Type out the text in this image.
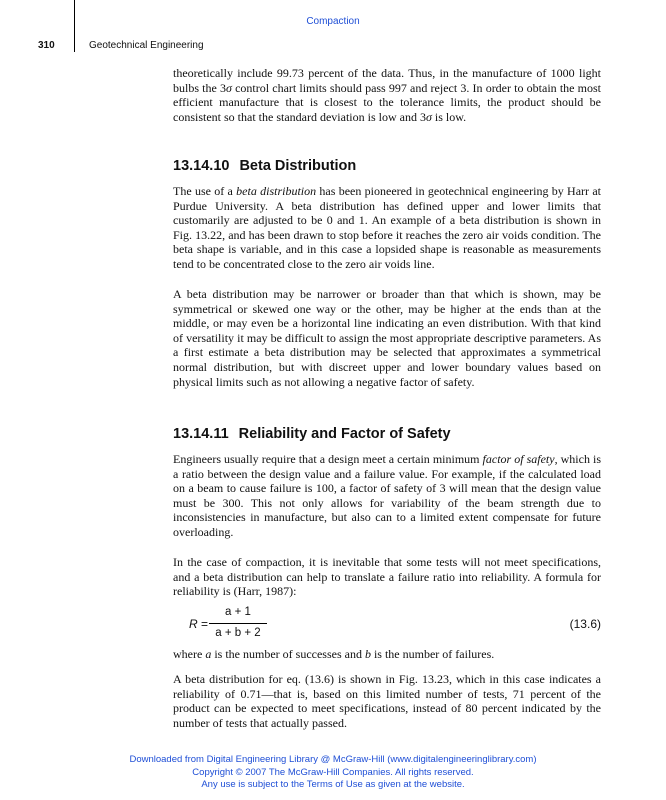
Compaction
310	Geotechnical Engineering

theoretically include 99.73 percent of the data. Thus, in the manufacture of 1000 light bulbs the 3σ control chart limits should pass 997 and reject 3. In order to obtain the most efficient manufacture that is closest to the tolerance limits, the product should be consistent so that the standard deviation is low and 3σ is low.

13.14.10 Beta Distribution

The use of a beta distribution has been pioneered in geotechnical engineering by Harr at Purdue University. A beta distribution has defined upper and lower limits that customarily are adjusted to be 0 and 1. An example of a beta distribution is shown in Fig. 13.22, and has been drawn to stop before it reaches the zero air voids condition. The beta shape is variable, and in this case a lopsided shape is reasonable as measurements tend to be concentrated close to the zero air voids line.

A beta distribution may be narrower or broader than that which is shown, may be symmetrical or skewed one way or the other, may be higher at the ends than at the middle, or may even be a horizontal line indicating an even distribution. With that kind of versatility it may be difficult to assign the most appropriate descriptive parameters. As a first estimate a beta distribution may be selected that approximates a symmetrical normal distribution, but with discreet upper and lower boundary values based on physical limits such as not allowing a negative factor of safety.

13.14.11 Reliability and Factor of Safety

Engineers usually require that a design meet a certain minimum factor of safety, which is a ratio between the design value and a failure value. For example, if the calculated load on a beam to cause failure is 100, a factor of safety of 3 will mean that the design value must be 300. This not only allows for variability of the beam strength due to inconsistencies in manufacture, but also can to a limited extent compensate for future overloading.

In the case of compaction, it is inevitable that some tests will not meet specifications, and a beta distribution can help to translate a failure ratio into reliability. A formula for reliability is (Harr, 1987):

R =
a + 1
a + b + 2
(13.6)

where a is the number of successes and b is the number of failures.

A beta distribution for eq. (13.6) is shown in Fig. 13.23, which in this case indicates a reliability of 0.71—that is, based on this limited number of tests, 71 percent of the product can be expected to meet specifications, instead of 80 percent indicated by the number of tests that actually passed.

Downloaded from Digital Engineering Library @ McGraw-Hill (www.digitalengineeringlibrary.com)
Copyright © 2007 The McGraw-Hill Companies. All rights reserved.
Any use is subject to the Terms of Use as given at the website.
